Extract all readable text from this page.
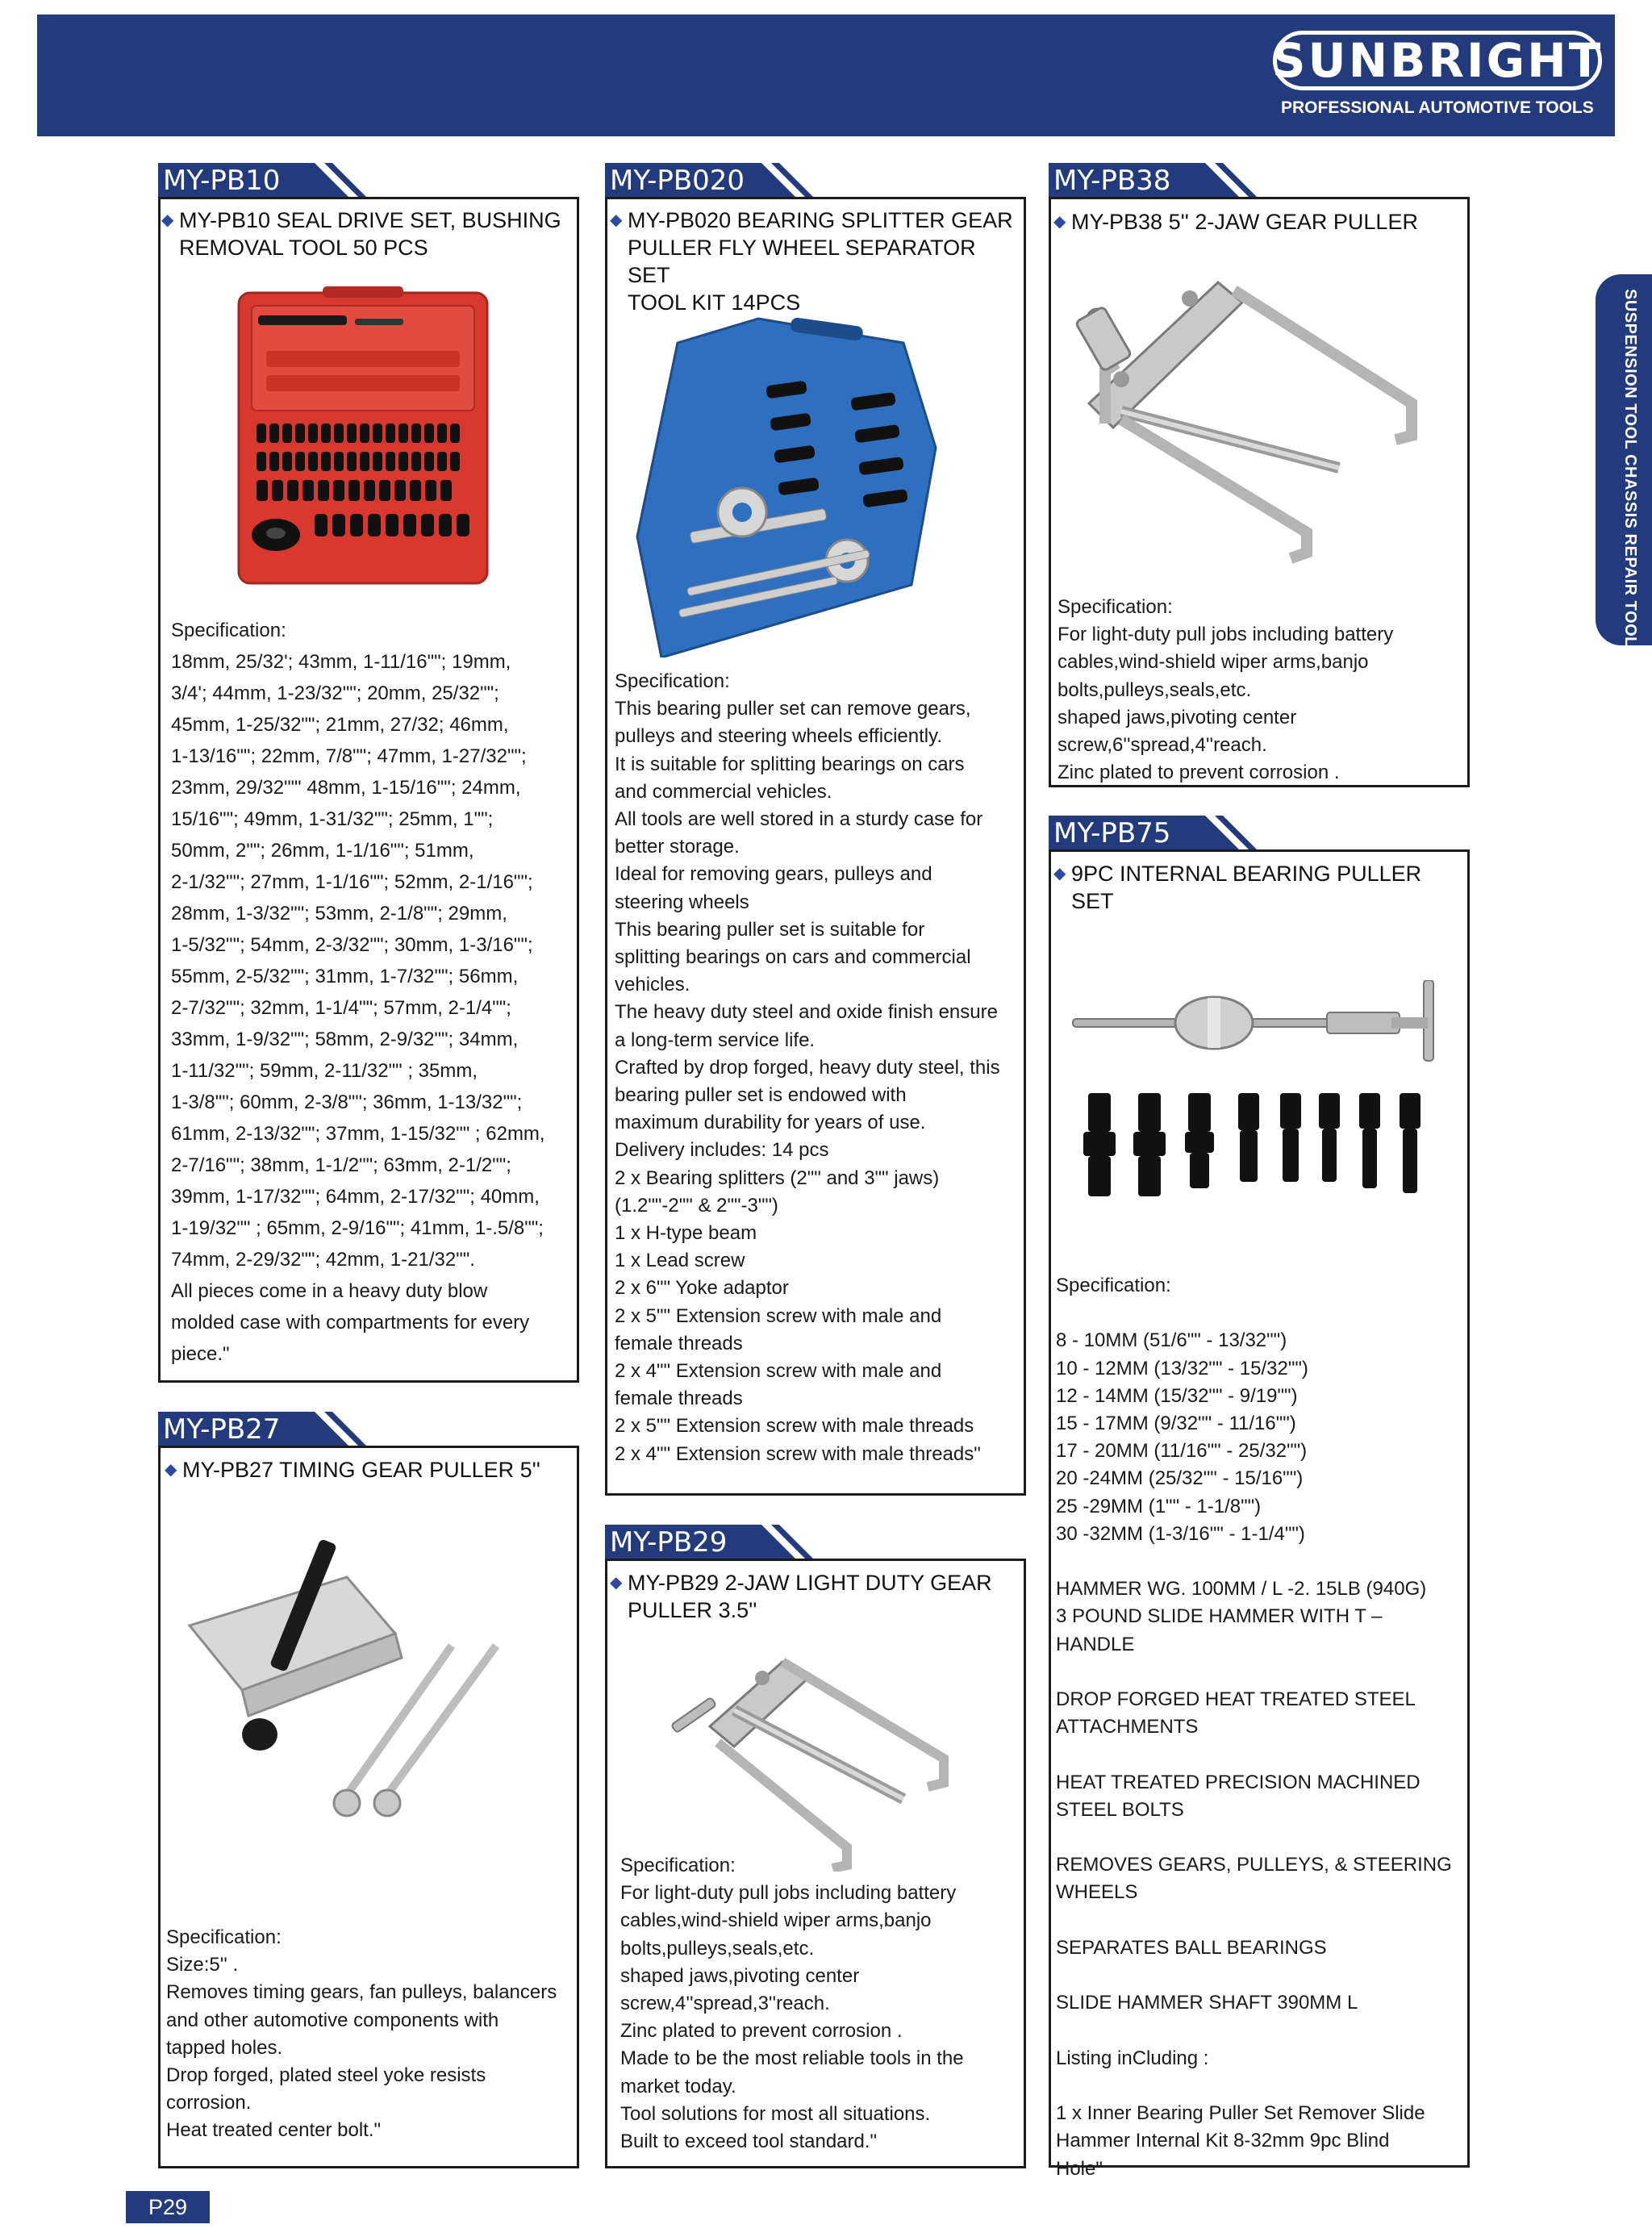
SUNBRIGHT
PROFESSIONAL AUTOMOTIVE TOOLS
SUSPENSION TOOL CHASSIS REPAIR TOOL
MY-PB10
◆ MY-PB10 SEAL DRIVE SET, BUSHING
REMOVAL TOOL 50 PCS
Specification:
18mm, 25/32'; 43mm, 1-11/16""; 19mm,
3/4'; 44mm, 1-23/32""; 20mm, 25/32"";
45mm, 1-25/32""; 21mm, 27/32; 46mm,
1-13/16""; 22mm, 7/8""; 47mm, 1-27/32"";
23mm, 29/32""' 48mm, 1-15/16""; 24mm,
15/16""; 49mm, 1-31/32""; 25mm, 1"";
50mm, 2""; 26mm, 1-1/16""; 51mm,
2-1/32""; 27mm, 1-1/16""; 52mm, 2-1/16"";
28mm, 1-3/32""; 53mm, 2-1/8""; 29mm,
1-5/32""; 54mm, 2-3/32""; 30mm, 1-3/16"";
55mm, 2-5/32""; 31mm, 1-7/32""; 56mm,
2-7/32""; 32mm, 1-1/4""; 57mm, 2-1/4"";
33mm, 1-9/32""; 58mm, 2-9/32""; 34mm,
1-11/32""; 59mm, 2-11/32"" ; 35mm,
1-3/8""; 60mm, 2-3/8""; 36mm, 1-13/32"";
61mm, 2-13/32""; 37mm, 1-15/32"" ; 62mm,
2-7/16""; 38mm, 1-1/2""; 63mm, 2-1/2"";
39mm, 1-17/32""; 64mm, 2-17/32""; 40mm,
1-19/32"" ; 65mm, 2-9/16""; 41mm, 1-.5/8"";
74mm, 2-29/32""; 42mm, 1-21/32"".
All pieces come in a heavy duty blow
molded case with compartments for every
piece."
MY-PB020
◆ MY-PB020 BEARING SPLITTER GEAR
PULLER FLY WHEEL SEPARATOR SET
TOOL KIT 14PCS
Specification:
This bearing puller set can remove gears,
pulleys and steering wheels efficiently.
It is suitable for splitting bearings on cars
and commercial vehicles.
All tools are well stored in a sturdy case for
better storage.
Ideal for removing gears, pulleys and
steering wheels
This bearing puller set is suitable for
splitting bearings on cars and commercial
vehicles.
The heavy duty steel and oxide finish ensure
a long-term service life.
Crafted by drop forged, heavy duty steel, this
bearing puller set is endowed with
maximum durability for years of use.
Delivery includes: 14 pcs
2 x Bearing splitters (2"" and 3"" jaws)
(1.2""-2"" & 2""-3"")
1 x H-type beam
1 x Lead screw
2 x 6"" Yoke adaptor
2 x 5"" Extension screw with male and
female threads
2 x 4"" Extension screw with male and
female threads
2 x 5"" Extension screw with male threads
2 x 4"" Extension screw with male threads"
MY-PB38
◆ MY-PB38 5'' 2-JAW GEAR PULLER
Specification:
For light-duty pull jobs including battery
cables,wind-shield wiper arms,banjo
bolts,pulleys,seals,etc.
shaped jaws,pivoting center
screw,6''spread,4''reach.
Zinc plated to prevent corrosion .
MY-PB75
◆ 9PC INTERNAL BEARING PULLER SET
Specification:

8 - 10MM (51/6"" - 13/32"")
10 - 12MM (13/32"" - 15/32"")
12 - 14MM (15/32"" - 9/19"")
15 - 17MM (9/32"" - 11/16"")
17 - 20MM (11/16"" - 25/32"")
20 -24MM (25/32"" - 15/16"")
25 -29MM (1"" - 1-1/8"")
30 -32MM (1-3/16"" - 1-1/4"")

HAMMER WG. 100MM / L -2. 15LB (940G)
3 POUND SLIDE HAMMER WITH T – HANDLE

DROP FORGED HEAT TREATED STEEL
ATTACHMENTS

HEAT TREATED PRECISION MACHINED
STEEL BOLTS

REMOVES GEARS, PULLEYS, & STEERING
WHEELS

SEPARATES BALL BEARINGS

SLIDE HAMMER SHAFT 390MM L

Listing inCluding :

1 x Inner Bearing Puller Set Remover Slide
Hammer Internal Kit 8-32mm 9pc Blind
Hole"
MY-PB27
◆ MY-PB27 TIMING GEAR PULLER 5''
Specification:
Size:5'' .
Removes timing gears, fan pulleys, balancers
and other automotive components with
tapped holes.
Drop forged, plated steel yoke resists
corrosion.
Heat treated center bolt."
MY-PB29
◆ MY-PB29 2-JAW LIGHT DUTY GEAR
PULLER 3.5''
Specification:
For light-duty pull jobs including battery
cables,wind-shield wiper arms,banjo
bolts,pulleys,seals,etc.
shaped jaws,pivoting center
screw,4''spread,3''reach.
Zinc plated to prevent corrosion .
Made to be the most reliable tools in the
market today.
Tool solutions for most all situations.
Built to exceed tool standard."
P29
